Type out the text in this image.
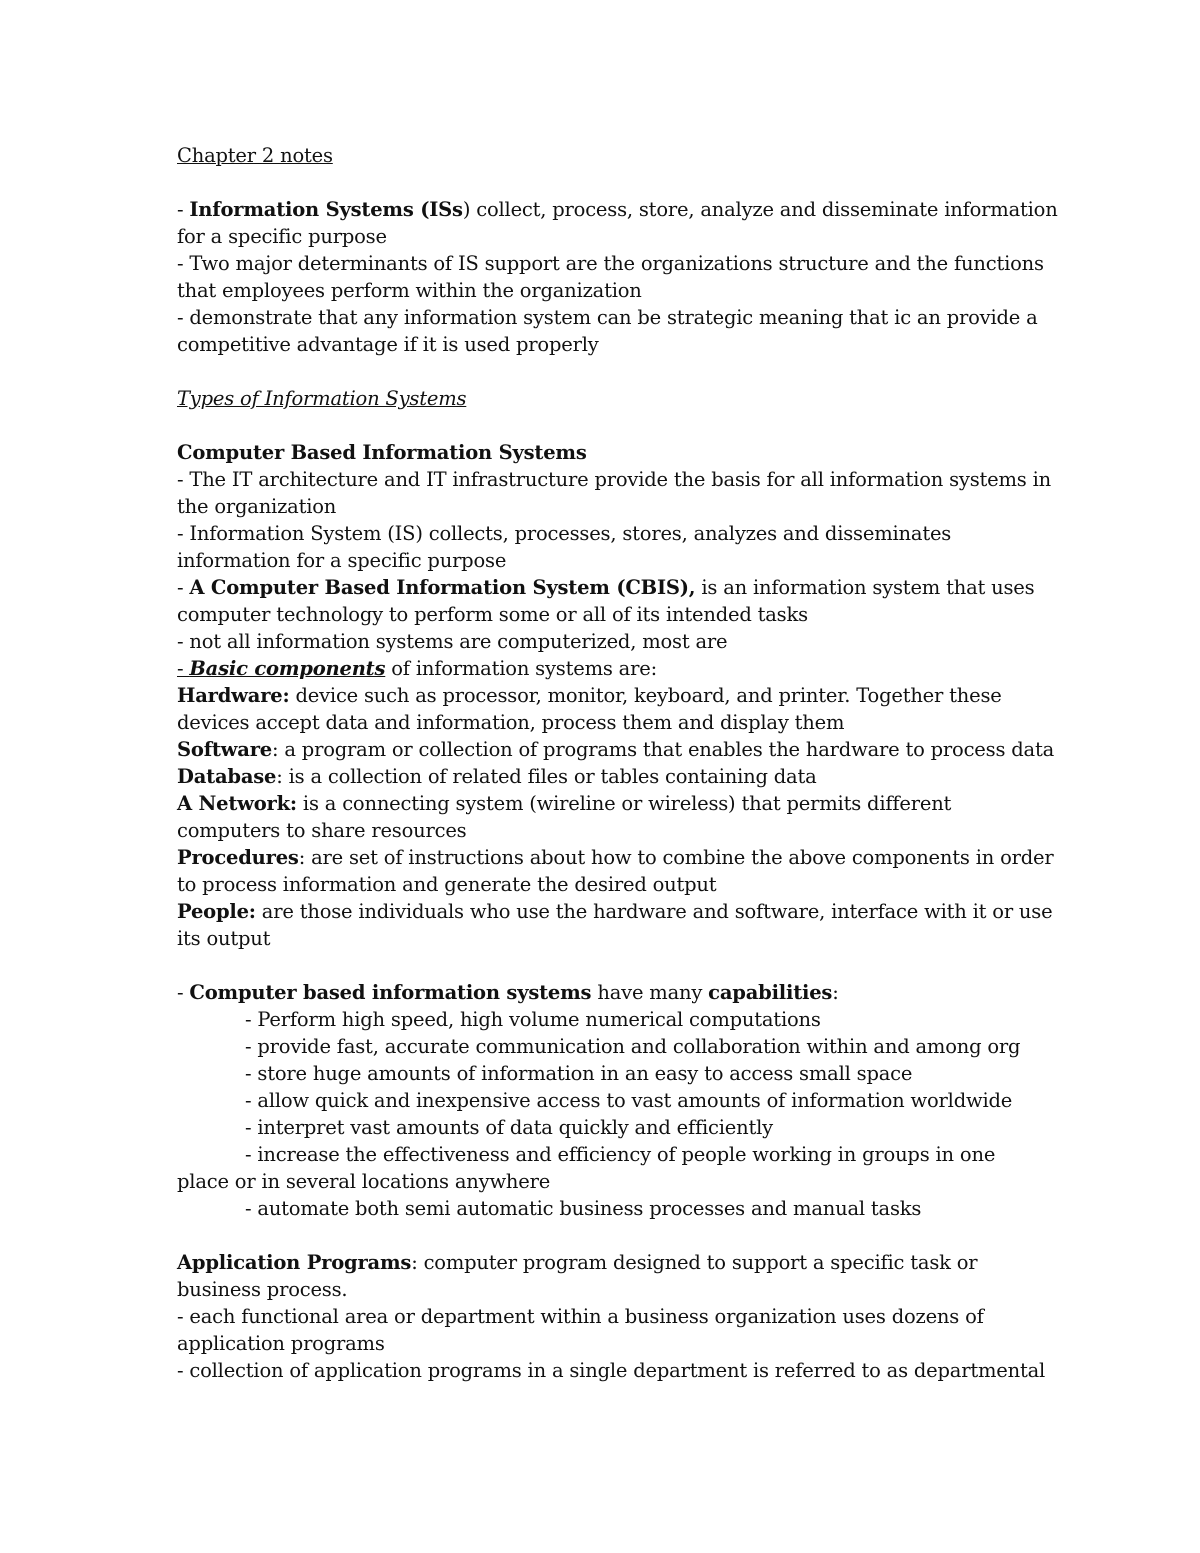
Chapter 2 notes
- Information Systems (ISs) collect, process, store, analyze and disseminate information
for a specific purpose
- Two major determinants of IS support are the organizations structure and the functions
that employees perform within the organization
- demonstrate that any information system can be strategic meaning that ic an provide a
competitive advantage if it is used properly
Types of Information Systems
Computer Based Information Systems
- The IT architecture and IT infrastructure provide the basis for all information systems in
the organization
- Information System (IS) collects, processes, stores, analyzes and disseminates
information for a specific purpose
- A Computer Based Information System (CBIS), is an information system that uses
computer technology to perform some or all of its intended tasks
- not all information systems are computerized, most are
- Basic components of information systems are:
Hardware: device such as processor, monitor, keyboard, and printer. Together these
devices accept data and information, process them and display them
Software: a program or collection of programs that enables the hardware to process data
Database: is a collection of related files or tables containing data
A Network: is a connecting system (wireline or wireless) that permits different
computers to share resources
Procedures: are set of instructions about how to combine the above components in order
to process information and generate the desired output
People: are those individuals who use the hardware and software, interface with it or use
its output
- Computer based information systems have many capabilities:
- Perform high speed, high volume numerical computations
- provide fast, accurate communication and collaboration within and among org
- store huge amounts of information in an easy to access small space
- allow quick and inexpensive access to vast amounts of information worldwide
- interpret vast amounts of data quickly and efficiently
- increase the effectiveness and efficiency of people working in groups in one
place or in several locations anywhere
- automate both semi automatic business processes and manual tasks
Application Programs: computer program designed to support a specific task or
business process.
- each functional area or department within a business organization uses dozens of
application programs
- collection of application programs in a single department is referred to as departmental
